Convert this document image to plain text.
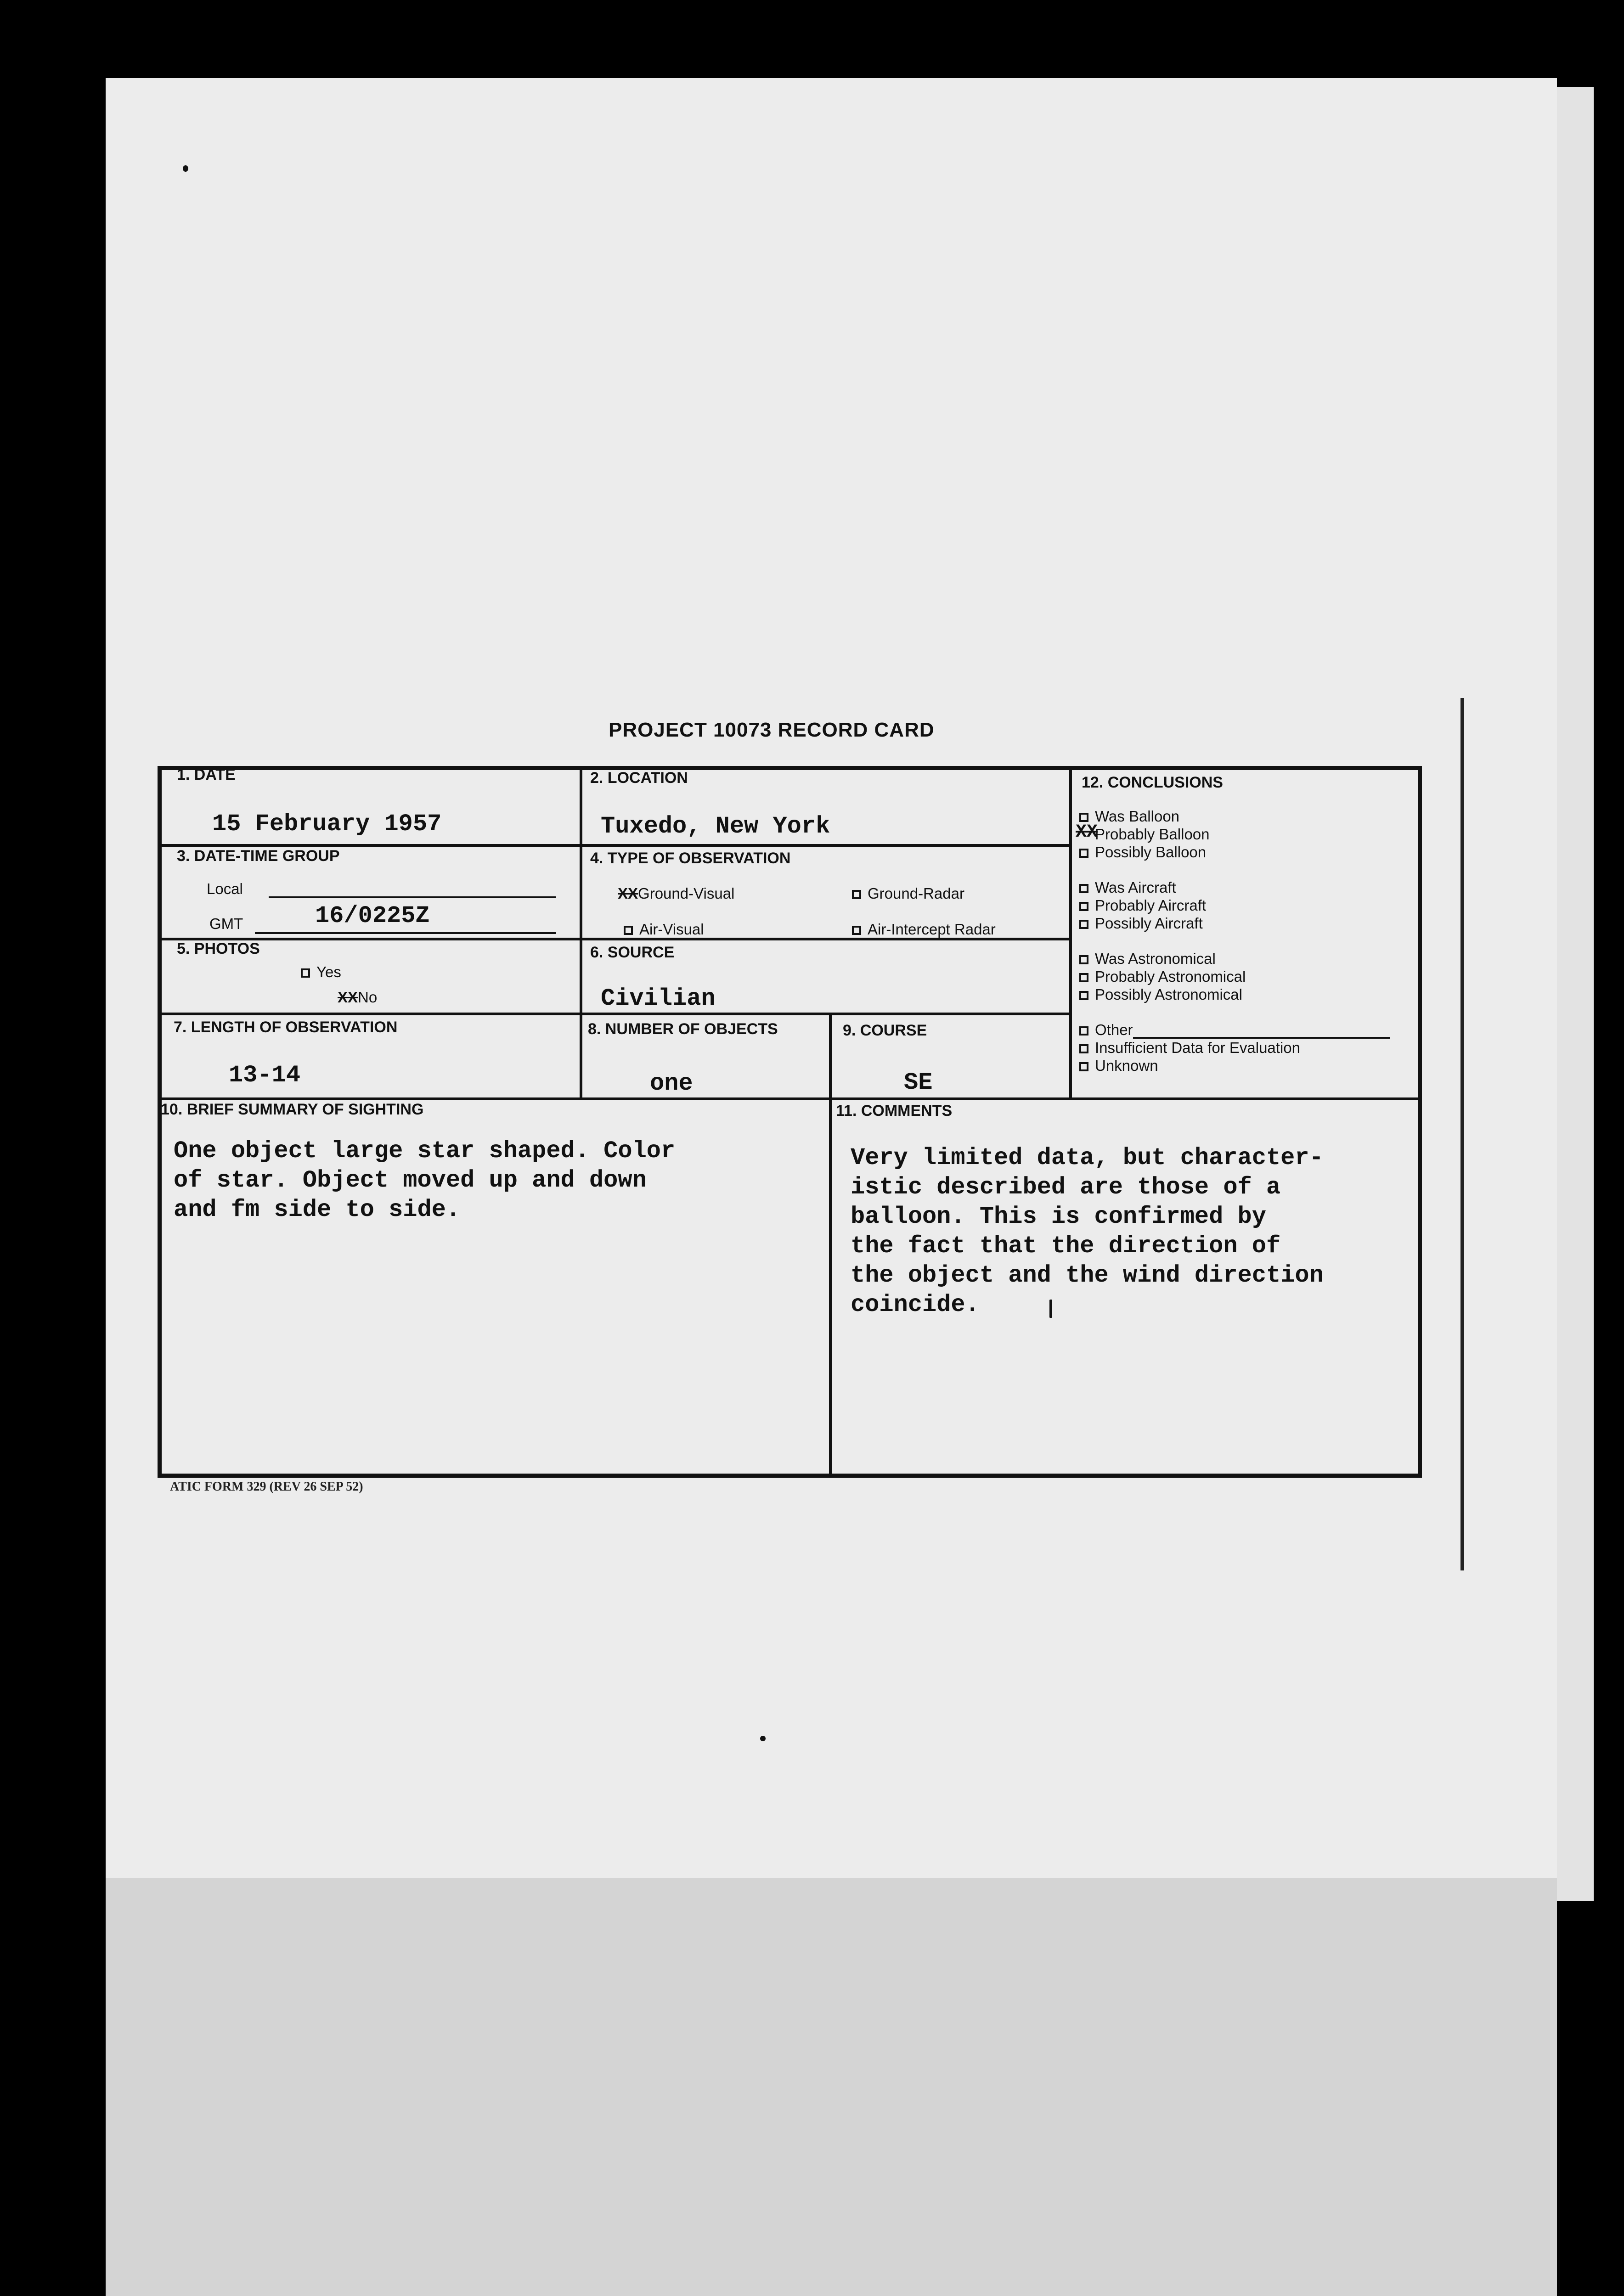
PROJECT 10073 RECORD CARD
1. DATE
15 February 1957
2. LOCATION
Tuxedo, New York
3. DATE-TIME GROUP
Local
GMT	16/0225Z
4. TYPE OF OBSERVATION
XXGround-Visual	Ground-Radar
Air-Visual	Air-Intercept Radar
5. PHOTOS
Yes
XXNo
6. SOURCE
Civilian
7. LENGTH OF OBSERVATION
13-14
8. NUMBER OF OBJECTS
one
9. COURSE
SE
10. BRIEF SUMMARY OF SIGHTING
One object large star shaped. Color
of star. Object moved up and down
and fm side to side.
11. COMMENTS
Very limited data, but character-
istic described are those of a
balloon. This is confirmed by
the fact that the direction of
the object and the wind direction
coincide.
12. CONCLUSIONS
XX
Was Balloon
Probably Balloon
Possibly Balloon
Was Aircraft
Probably Aircraft
Possibly Aircraft
Was Astronomical
Probably Astronomical
Possibly Astronomical
Other
Insufficient Data for Evaluation
Unknown
ATIC FORM 329 (REV 26 SEP 52)
